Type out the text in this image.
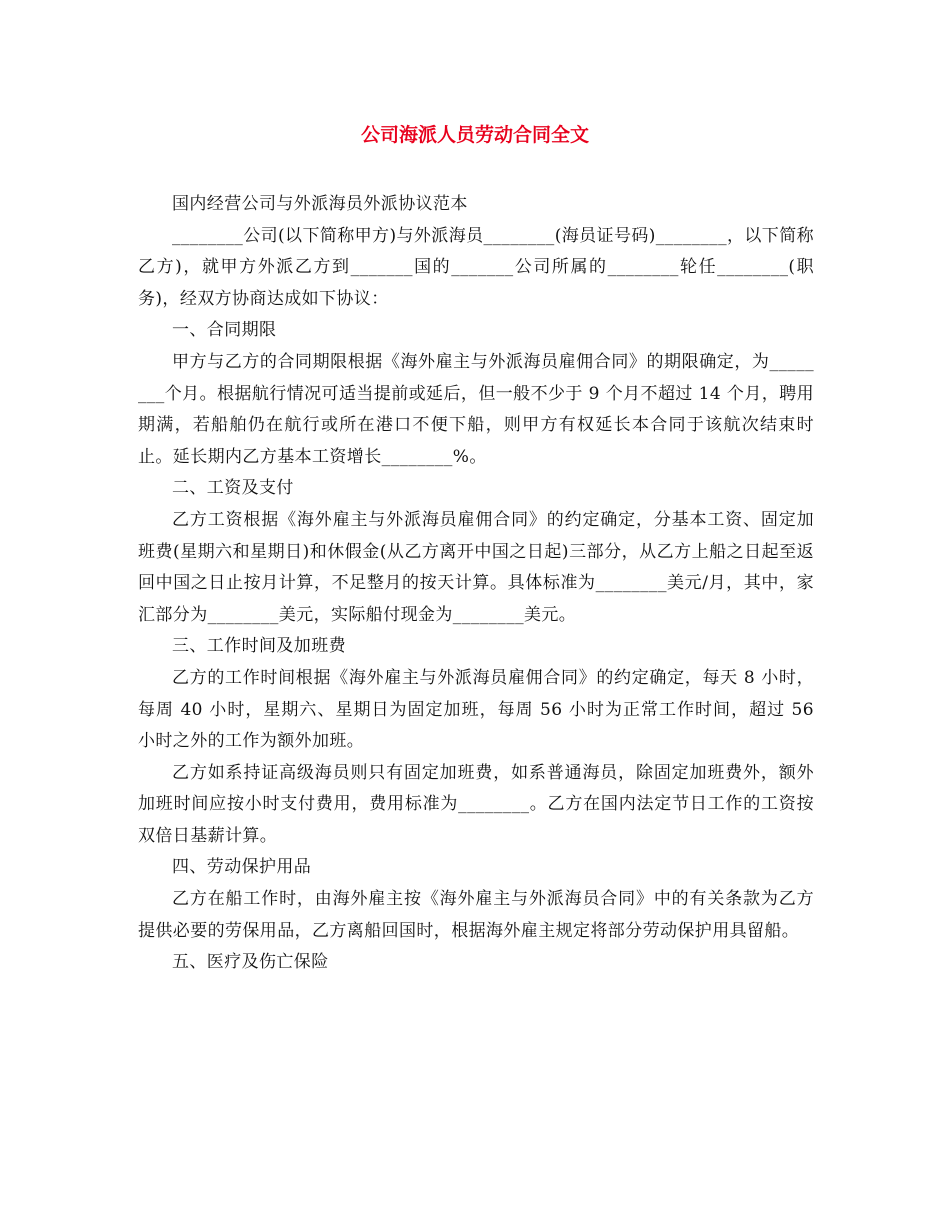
公司海派人员劳动合同全文

国内经营公司与外派海员外派协议范本

________公司(以下简称甲方)与外派海员________(海员证号码)________，以下简称乙方)，就甲方外派乙方到_______国的_______公司所属的________轮任________(职务)，经双方协商达成如下协议：

一、合同期限

甲方与乙方的合同期限根据《海外雇主与外派海员雇佣合同》的期限确定，为________个月。根据航行情况可适当提前或延后，但一般不少于 9 个月不超过 14 个月，聘用期满，若船舶仍在航行或所在港口不便下船，则甲方有权延长本合同于该航次结束时止。延长期内乙方基本工资增长________%。

二、工资及支付

乙方工资根据《海外雇主与外派海员雇佣合同》的约定确定，分基本工资、固定加班费(星期六和星期日)和休假金(从乙方离开中国之日起)三部分，从乙方上船之日起至返回中国之日止按月计算，不足整月的按天计算。具体标准为________美元/月，其中，家汇部分为________美元，实际船付现金为________美元。

三、工作时间及加班费

乙方的工作时间根据《海外雇主与外派海员雇佣合同》的约定确定，每天 8 小时，每周 40 小时，星期六、星期日为固定加班，每周 56 小时为正常工作时间，超过 56 小时之外的工作为额外加班。

乙方如系持证高级海员则只有固定加班费，如系普通海员，除固定加班费外，额外加班时间应按小时支付费用，费用标准为________。乙方在国内法定节日工作的工资按双倍日基薪计算。

四、劳动保护用品

乙方在船工作时，由海外雇主按《海外雇主与外派海员合同》中的有关条款为乙方提供必要的劳保用品，乙方离船回国时，根据海外雇主规定将部分劳动保护用具留船。

五、医疗及伤亡保险
